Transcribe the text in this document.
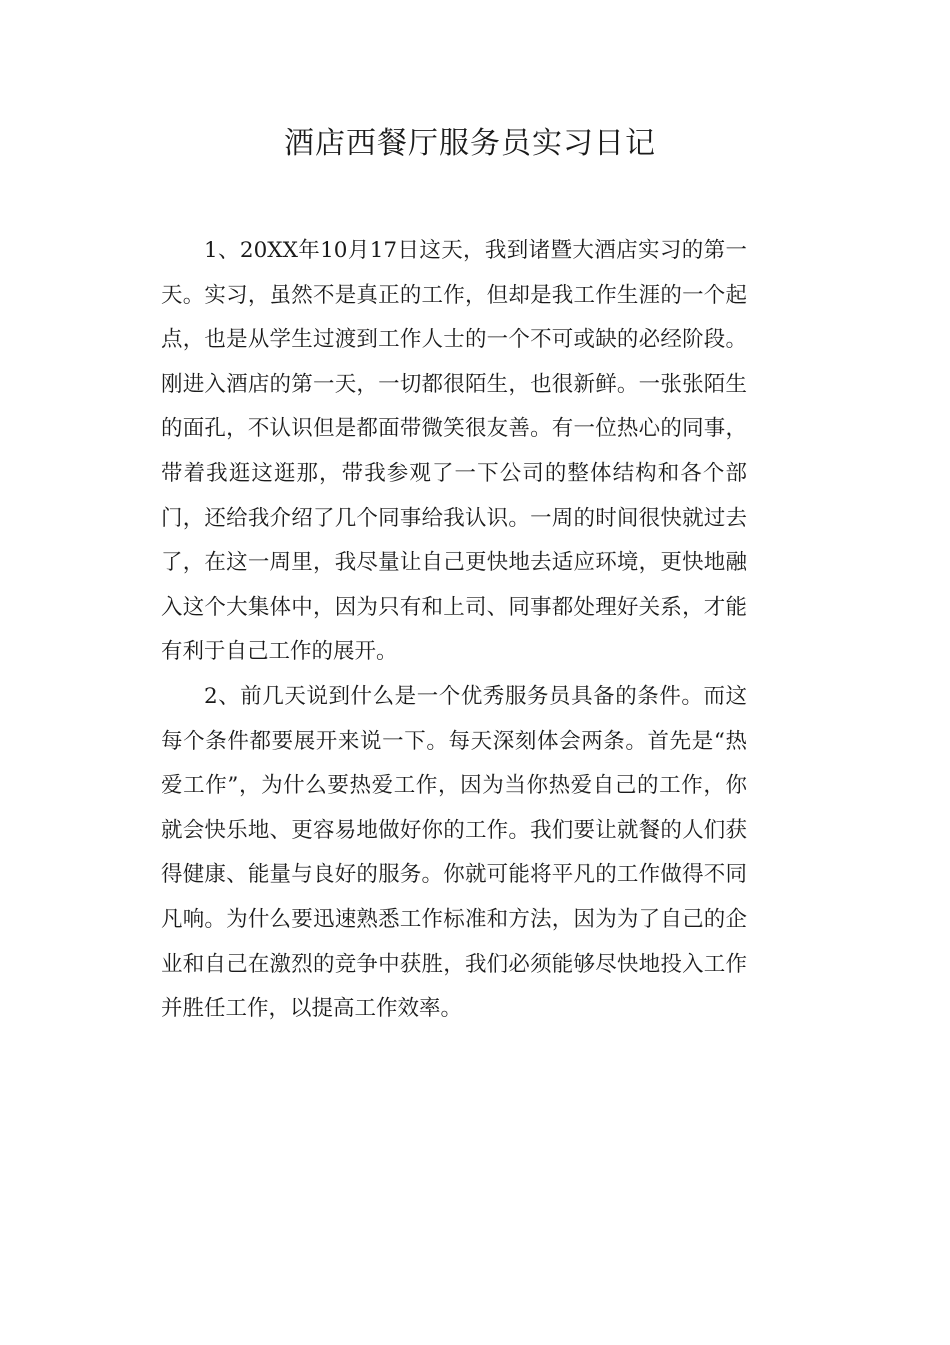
酒店西餐厅服务员实习日记

1、20XX年10月17日这天，我到诸暨大酒店实习的第一天。实习，虽然不是真正的工作，但却是我工作生涯的一个起点，也是从学生过渡到工作人士的一个不可或缺的必经阶段。刚进入酒店的第一天，一切都很陌生，也很新鲜。一张张陌生的面孔，不认识但是都面带微笑很友善。有一位热心的同事，带着我逛这逛那，带我参观了一下公司的整体结构和各个部门，还给我介绍了几个同事给我认识。一周的时间很快就过去了，在这一周里，我尽量让自己更快地去适应环境，更快地融入这个大集体中，因为只有和上司、同事都处理好关系，才能有利于自己工作的展开。

2、前几天说到什么是一个优秀服务员具备的条件。而这每个条件都要展开来说一下。每天深刻体会两条。首先是“热爱工作”，为什么要热爱工作，因为当你热爱自己的工作，你就会快乐地、更容易地做好你的工作。我们要让就餐的人们获得健康、能量与良好的服务。你就可能将平凡的工作做得不同凡响。为什么要迅速熟悉工作标准和方法，因为为了自己的企业和自己在激烈的竞争中获胜，我们必须能够尽快地投入工作并胜任工作，以提高工作效率。
